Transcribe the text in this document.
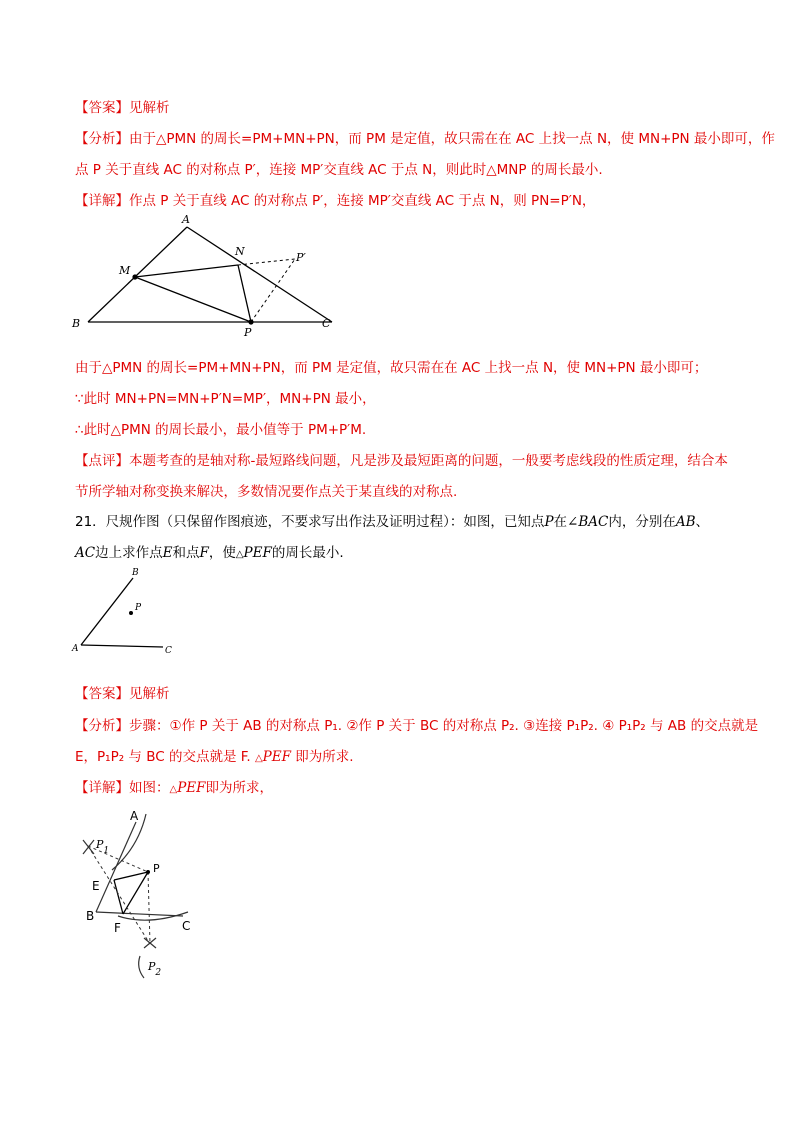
【答案】见解析
【分析】由于△PMN 的周长=PM+MN+PN，而 PM 是定值，故只需在在 AC 上找一点 N，使 MN+PN 最小即可，作
点 P 关于直线 AC 的对称点 P′，连接 MP′交直线 AC 于点 N，则此时△MNP 的周长最小.
【详解】作点 P 关于直线 AC 的对称点 P′，连接 MP′交直线 AC 于点 N，则 PN=P′N，
A
N	P′
M
B
P
C
由于△PMN 的周长=PM+MN+PN，而 PM 是定值，故只需在在 AC 上找一点 N，使 MN+PN 最小即可；
∵此时 MN+PN=MN+P′N=MP′，MN+PN 最小，
∴此时△PMN 的周长最小，最小值等于 PM+P′M.
【点评】本题考查的是轴对称-最短路线问题，凡是涉及最短距离的问题，一般要考虑线段的性质定理，结合本
节所学轴对称变换来解决，多数情况要作点关于某直线的对称点.
21．尺规作图（只保留作图痕迹，不要求写出作法及证明过程）：如图，已知点P在∠BAC内，分别在AB、
AC边上求作点E和点F，使△PEF的周长最小.
B
P
A	C
【答案】见解析
【分析】步骤：①作 P 关于 AB 的对称点 P₁. ②作 P 关于 BC 的对称点 P₂. ③连接 P₁P₂. ④ P₁P₂ 与 AB 的交点就是
E，P₁P₂ 与 BC 的交点就是 F. △PEF 即为所求.
【详解】如图：△PEF即为所求，
A
$P_1$
P
E
B
F	C
$P_2$
